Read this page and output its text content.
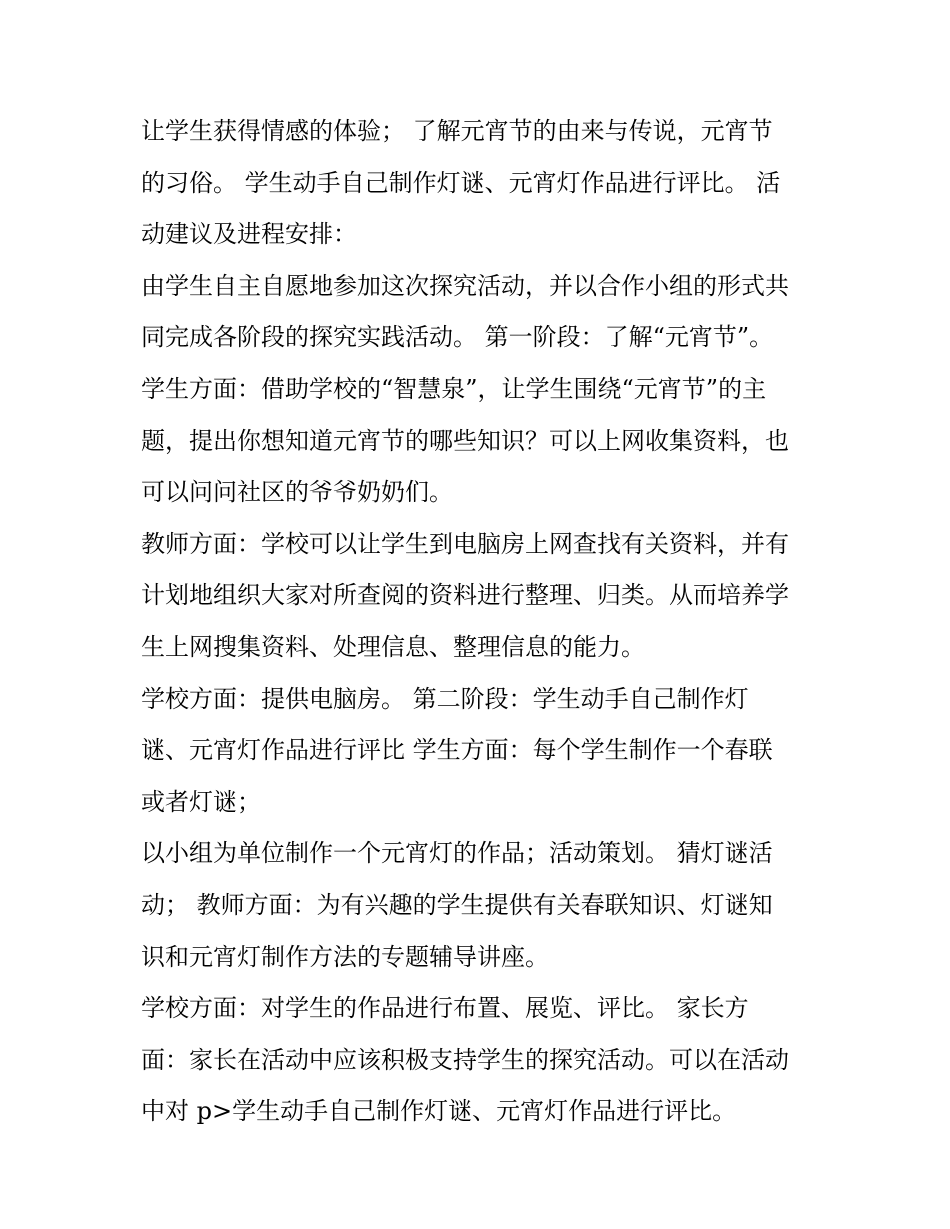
让学生获得情感的体验； 了解元宵节的由来与传说，元宵节
的习俗。 学生动手自己制作灯谜、元宵灯作品进行评比。 活
动建议及进程安排：
由学生自主自愿地参加这次探究活动，并以合作小组的形式共
同完成各阶段的探究实践活动。 第一阶段：了解“元宵节”。
学生方面：借助学校的“智慧泉”，让学生围绕“元宵节”的主
题，提出你想知道元宵节的哪些知识？可以上网收集资料，也
可以问问社区的爷爷奶奶们。
教师方面：学校可以让学生到电脑房上网查找有关资料，并有
计划地组织大家对所查阅的资料进行整理、归类。从而培养学
生上网搜集资料、处理信息、整理信息的能力。
学校方面：提供电脑房。 第二阶段：学生动手自己制作灯
谜、元宵灯作品进行评比 学生方面：每个学生制作一个春联
或者灯谜；
以小组为单位制作一个元宵灯的作品；活动策划。 猜灯谜活
动； 教师方面：为有兴趣的学生提供有关春联知识、灯谜知
识和元宵灯制作方法的专题辅导讲座。
学校方面：对学生的作品进行布置、展览、评比。 家长方
面：家长在活动中应该积极支持学生的探究活动。可以在活动
中对 p>学生动手自己制作灯谜、元宵灯作品进行评比。
